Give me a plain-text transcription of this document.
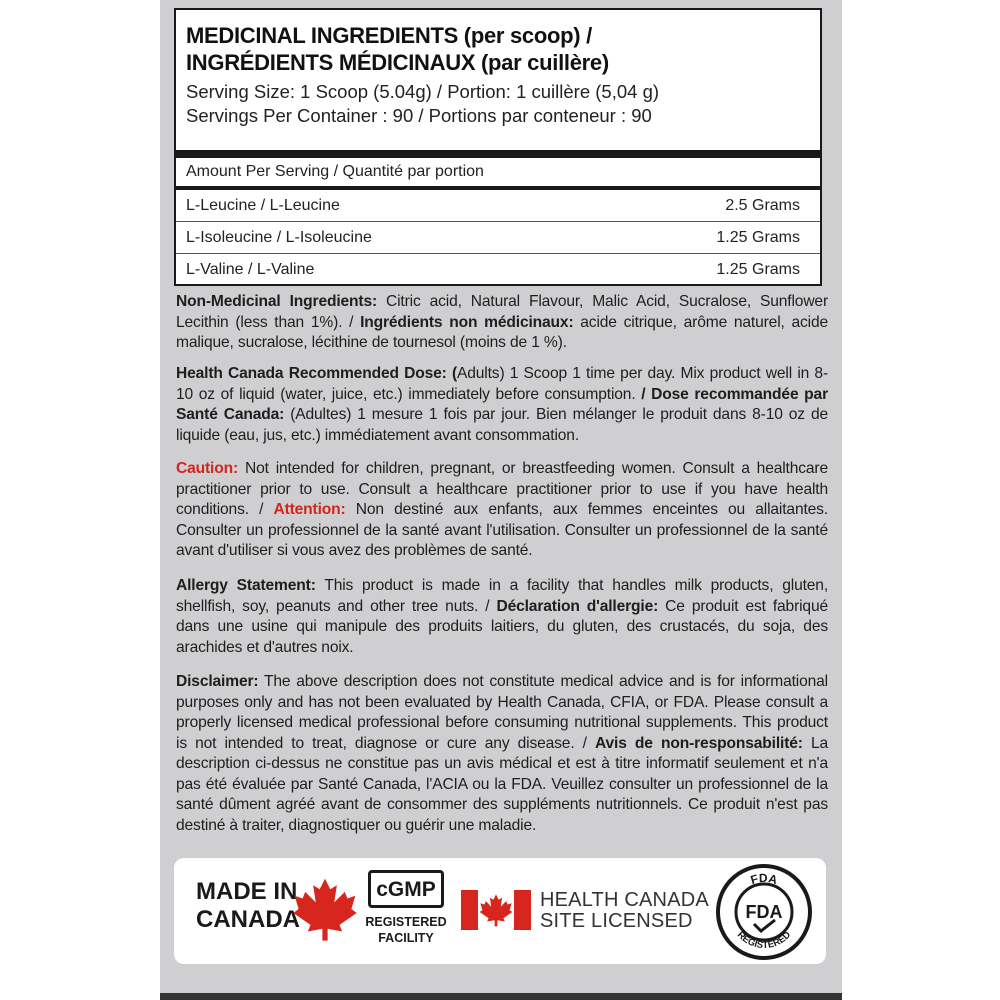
MEDICINAL INGREDIENTS (per scoop) /
INGRÉDIENTS MÉDICINAUX (par cuillère)
Serving Size: 1 Scoop (5.04g) / Portion: 1 cuillère (5,04 g)
Servings Per Container : 90 / Portions par conteneur : 90
Amount Per Serving / Quantité par portion
L-Leucine / L-Leucine	2.5 Grams
L-Isoleucine / L-Isoleucine	1.25 Grams
L-Valine / L-Valine	1.25 Grams
Non-Medicinal Ingredients: Citric acid, Natural Flavour, Malic Acid, Sucralose, Sunflower Lecithin (less than 1%). / Ingrédients non médicinaux: acide citrique, arôme naturel, acide malique, sucralose, lécithine de tournesol (moins de 1 %).
Health Canada Recommended Dose: (Adults) 1 Scoop 1 time per day. Mix product well in 8-10 oz of liquid (water, juice, etc.) immediately before consumption. / Dose recommandée par Santé Canada: (Adultes) 1 mesure 1 fois par jour. Bien mélanger le produit dans 8-10 oz de liquide (eau, jus, etc.) immédiatement avant consommation.
Caution: Not intended for children, pregnant, or breastfeeding women. Consult a healthcare practitioner prior to use. Consult a healthcare practitioner prior to use if you have health conditions. / Attention: Non destiné aux enfants, aux femmes enceintes ou allaitantes. Consulter un professionnel de la santé avant l'utilisation. Consulter un professionnel de la santé avant d'utiliser si vous avez des problèmes de santé.
Allergy Statement: This product is made in a facility that handles milk products, gluten, shellfish, soy, peanuts and other tree nuts. / Déclaration d'allergie: Ce produit est fabriqué dans une usine qui manipule des produits laitiers, du gluten, des crustacés, du soja, des arachides et d'autres noix.
Disclaimer: The above description does not constitute medical advice and is for informational purposes only and has not been evaluated by Health Canada, CFIA, or FDA. Please consult a properly licensed medical professional before consuming nutritional supplements. This product is not intended to treat, diagnose or cure any disease. / Avis de non-responsabilité: La description ci-dessus ne constitue pas un avis médical et est à titre informatif seulement et n'a pas été évaluée par Santé Canada, l'ACIA ou la FDA. Veuillez consulter un professionnel de la santé dûment agréé avant de consommer des suppléments nutritionnels. Ce produit n'est pas destiné à traiter, diagnostiquer ou guérir une maladie.
MADE IN
CANADA
cGMP
REGISTERED
FACILITY
HEALTH CANADA
SITE LICENSED
FDA
FDA
REGISTERED
